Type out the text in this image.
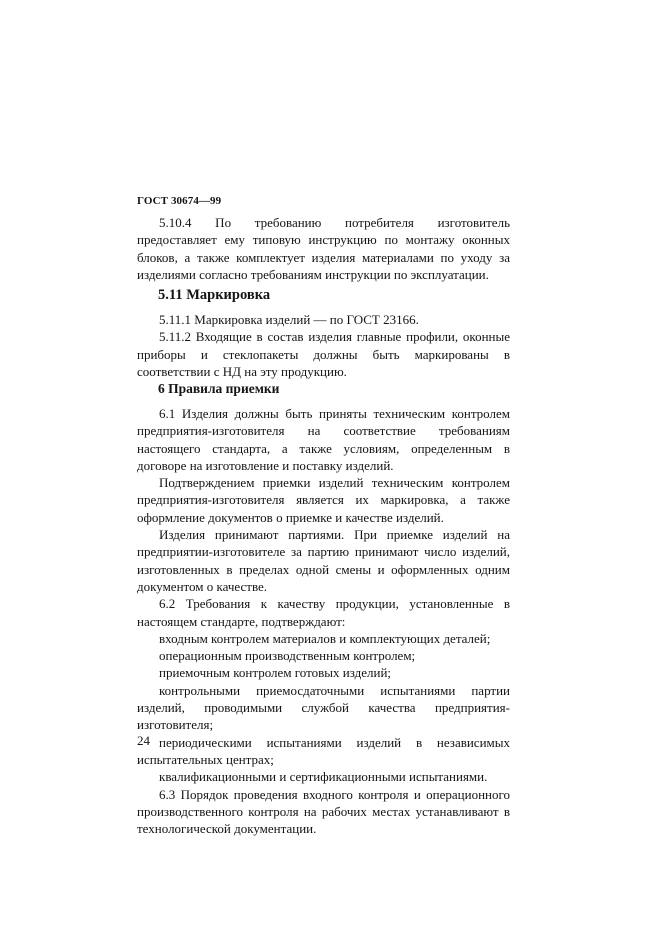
ГОСТ 30674—99

5.10.4 По требованию потребителя изготовитель предоставляет ему типовую инструкцию по монтажу оконных блоков, а также комплектует изделия материалами по уходу за изделиями согласно требованиям инструкции по эксплуатации.

5.11 Маркировка

5.11.1 Маркировка изделий — по ГОСТ 23166.

5.11.2 Входящие в состав изделия главные профили, оконные приборы и стеклопакеты должны быть маркированы в соответствии с НД на эту продукцию.

6 Правила приемки

6.1 Изделия должны быть приняты техническим контролем предприятия-изготовителя на соответствие требованиям настоящего стандарта, а также условиям, определенным в договоре на изготовление и поставку изделий.

Подтверждением приемки изделий техническим контролем предприятия-изготовителя является их маркировка, а также оформление документов о приемке и качестве изделий.

Изделия принимают партиями. При приемке изделий на предприятии-изготовителе за партию принимают число изделий, изготовленных в пределах одной смены и оформленных одним документом о качестве.

6.2 Требования к качеству продукции, установленные в настоящем стандарте, подтверждают:

входным контролем материалов и комплектующих деталей;

операционным производственным контролем;

приемочным контролем готовых изделий;

контрольными приемосдаточными испытаниями партии изделий, проводимыми службой качества предприятия-изготовителя;

периодическими испытаниями изделий в независимых испытательных центрах;

квалификационными и сертификационными испытаниями.

6.3 Порядок проведения входного контроля и операционного производственного контроля на рабочих местах устанавливают в технологической документации.

24
